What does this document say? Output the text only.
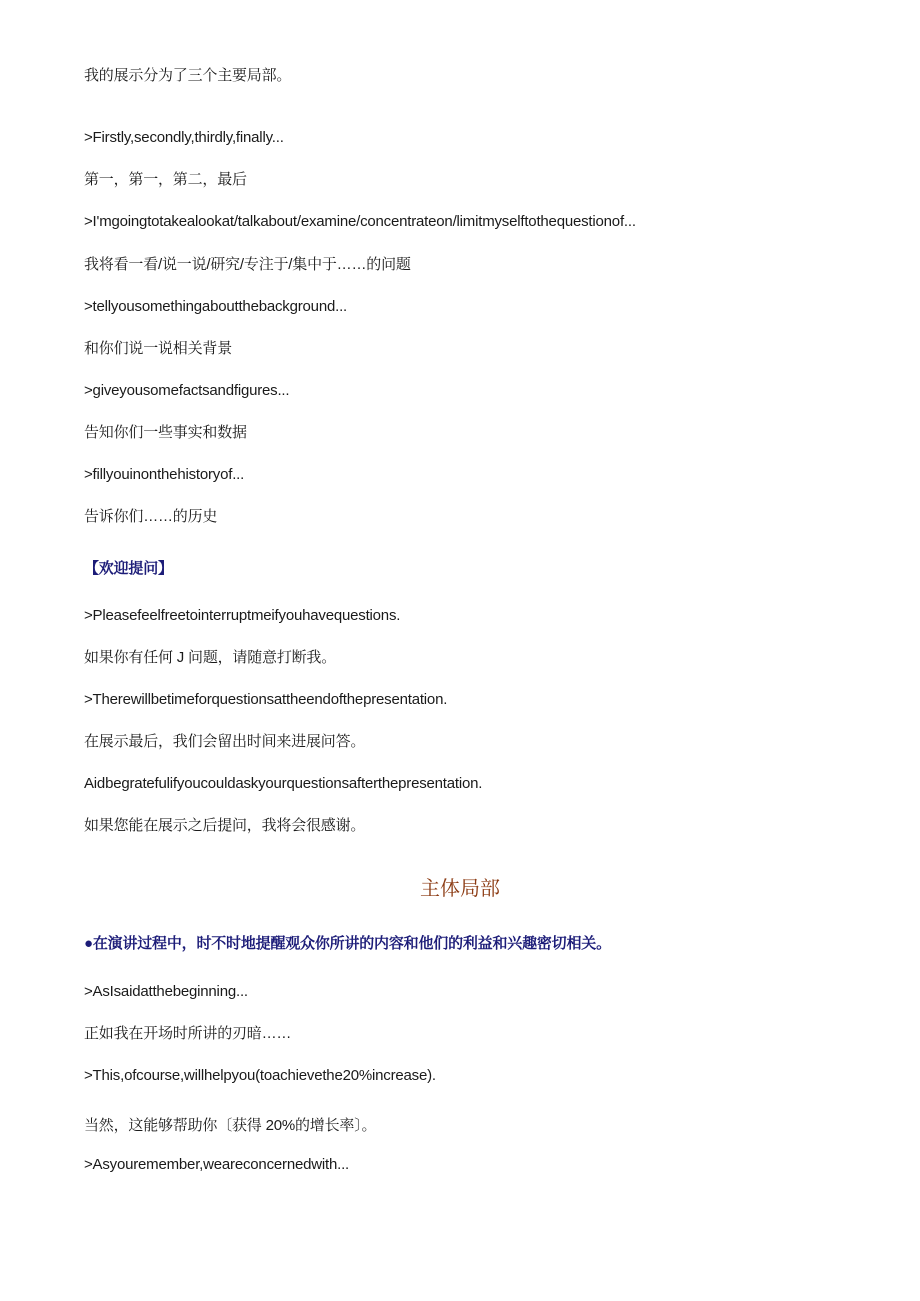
我的展示分为了三个主要局部。
>Firstly,secondly,thirdly,finally...
第一，第一，第二，最后
>I'mgoingtotakealookat/talkabout/examine/concentrateon/limitmyselftothequestionof...
我将看一看/说一说/研究/专注于/集中于……的问题
>tellyousomethingaboutthebackground...
和你们说一说相关背景
>giveyousomefactsandfigures...
告知你们一些事实和数据
>fillyouinonthehistoryof...
告诉你们……的历史
【欢迎提问】
>Pleasefeelfreetointerruptmeifyouhavequestions.
如果你有任何 J 问题，请随意打断我。
>Therewillbetimeforquestionsattheendofthepresentation.
在展示最后，我们会留出时间来进展问答。
Aidbegratefulifyoucouldaskyourquestionsafterthepresentation.
如果您能在展示之后提问，我将会很感谢。
主体局部
●在演讲过程中，时不时地提醒观众你所讲的内容和他们的利益和兴趣密切相关。
>AsIsaidatthebeginning...
正如我在开场时所讲的刃暗……
>This,ofcourse,willhelpyou(toachievethe20%increase).
当然，这能够帮助你〔获得 20%的增长率〕。
>Asyouremember,weareconcernedwith...
